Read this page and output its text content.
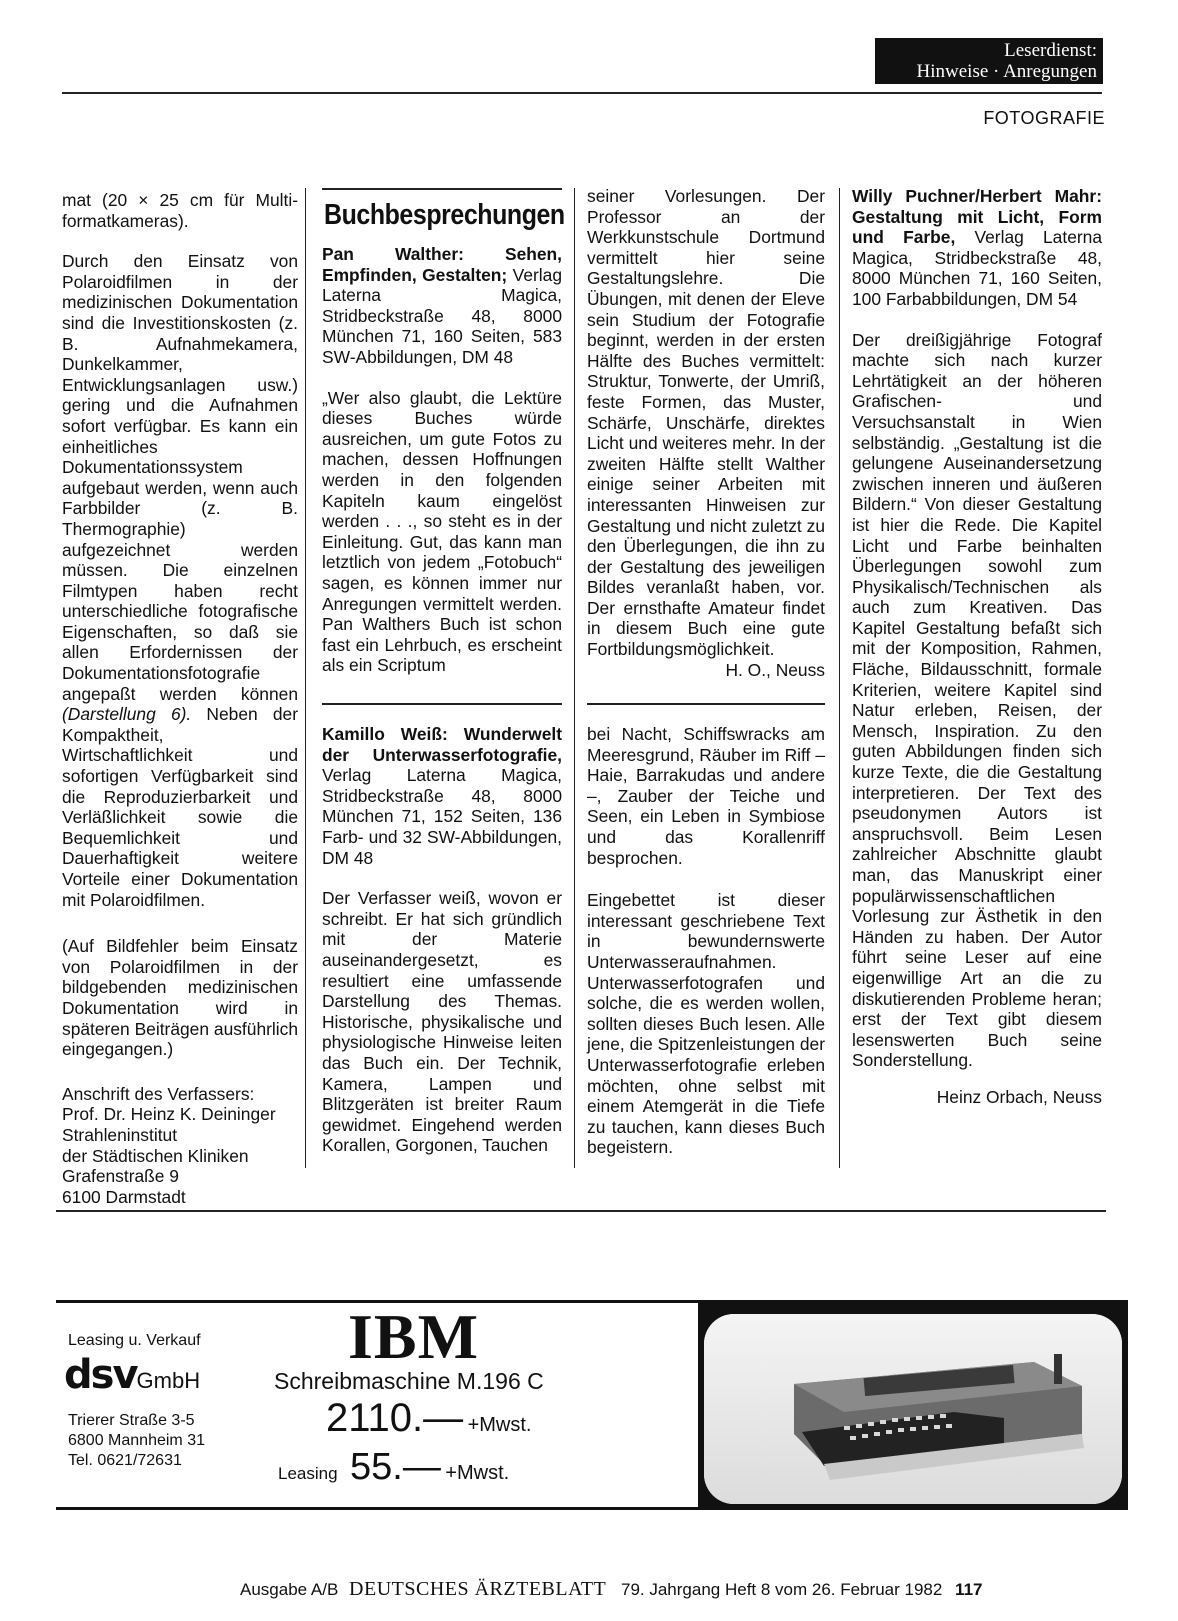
Leserdienst:
Hinweise · Anregungen
FOTOGRAFIE

mat (20 × 25 cm für Multi-formatkameras).

Durch den Einsatz von Polaroidfilmen in der medizinischen Dokumentation sind die Investitionskosten (z. B. Aufnahmekamera, Dunkelkammer, Entwicklungsanlagen usw.) gering und die Aufnahmen sofort verfügbar. Es kann ein einheitliches Dokumentationssystem aufgebaut werden, wenn auch Farbbilder (z. B. Thermographie) aufgezeichnet werden müssen. Die einzelnen Filmtypen haben recht unterschiedliche fotografische Eigenschaften, so daß sie allen Erfordernissen der Dokumentationsfotografie angepaßt werden können (Darstellung 6). Neben der Kompaktheit, Wirtschaftlichkeit und sofortigen Verfügbarkeit sind die Reproduzierbarkeit und Verläßlichkeit sowie die Bequemlichkeit und Dauerhaftigkeit weitere Vorteile einer Dokumentation mit Polaroidfilmen.

(Auf Bildfehler beim Einsatz von Polaroidfilmen in der bildgebenden medizinischen Dokumentation wird in späteren Beiträgen ausführlich eingegangen.)

Anschrift des Verfassers:
Prof. Dr. Heinz K. Deininger
Strahleninstitut
der Städtischen Kliniken
Grafenstraße 9
6100 Darmstadt
Buchbesprechungen

Pan Walther: Sehen, Empfinden, Gestalten; Verlag Laterna Magica, Stridbeckstraße 48, 8000 München 71, 160 Seiten, 583 SW-Abbildungen, DM 48

„Wer also glaubt, die Lektüre dieses Buches würde ausreichen, um gute Fotos zu machen, dessen Hoffnungen werden in den folgenden Kapiteln kaum eingelöst werden . . ., so steht es in der Einleitung. Gut, das kann man letztlich von jedem „Fotobuch“ sagen, es können immer nur Anregungen vermittelt werden. Pan Walthers Buch ist schon fast ein Lehrbuch, es erscheint als ein Scriptum

Kamillo Weiß: Wunderwelt der Unterwasserfotografie, Verlag Laterna Magica, Stridbeckstraße 48, 8000 München 71, 152 Seiten, 136 Farb- und 32 SW-Abbildungen, DM 48

Der Verfasser weiß, wovon er schreibt. Er hat sich gründlich mit der Materie auseinandergesetzt, es resultiert eine umfassende Darstellung des Themas. Historische, physikalische und physiologische Hinweise leiten das Buch ein. Der Technik, Kamera, Lampen und Blitzgeräten ist breiter Raum gewidmet. Eingehend werden Korallen, Gorgonen, Tauchen

seiner Vorlesungen. Der Professor an der Werkkunstschule Dortmund vermittelt hier seine Gestaltungslehre. Die Übungen, mit denen der Eleve sein Studium der Fotografie beginnt, werden in der ersten Hälfte des Buches vermittelt: Struktur, Tonwerte, der Umriß, feste Formen, das Muster, Schärfe, Unschärfe, direktes Licht und weiteres mehr. In der zweiten Hälfte stellt Walther einige seiner Arbeiten mit interessanten Hinweisen zur Gestaltung und nicht zuletzt zu den Überlegungen, die ihn zu der Gestaltung des jeweiligen Bildes veranlaßt haben, vor. Der ernsthafte Amateur findet in diesem Buch eine gute Fortbildungsmöglichkeit.

H. O., Neuss

bei Nacht, Schiffswracks am Meeresgrund, Räuber im Riff – Haie, Barrakudas und andere –, Zauber der Teiche und Seen, ein Leben in Symbiose und das Korallenriff besprochen.

Eingebettet ist dieser interessant geschriebene Text in bewundernswerte Unterwasseraufnahmen. Unterwasserfotografen und solche, die es werden wollen, sollten dieses Buch lesen. Alle jene, die Spitzenleistungen der Unterwasserfotografie erleben möchten, ohne selbst mit einem Atemgerät in die Tiefe zu tauchen, kann dieses Buch begeistern.

Willy Puchner/Herbert Mahr: Gestaltung mit Licht, Form und Farbe, Verlag Laterna Magica, Stridbeckstraße 48, 8000 München 71, 160 Seiten, 100 Farbabbildungen, DM 54

Der dreißigjährige Fotograf machte sich nach kurzer Lehrtätigkeit an der höheren Grafischen- und Versuchsanstalt in Wien selbständig. „Gestaltung ist die gelungene Auseinandersetzung zwischen inneren und äußeren Bildern.“ Von dieser Gestaltung ist hier die Rede. Die Kapitel Licht und Farbe beinhalten Überlegungen sowohl zum Physikalisch/Technischen als auch zum Kreativen. Das Kapitel Gestaltung befaßt sich mit der Komposition, Rahmen, Fläche, Bildausschnitt, formale Kriterien, weitere Kapitel sind Natur erleben, Reisen, der Mensch, Inspiration. Zu den guten Abbildungen finden sich kurze Texte, die die Gestaltung interpretieren. Der Text des pseudonymen Autors ist anspruchsvoll. Beim Lesen zahlreicher Abschnitte glaubt man, das Manuskript einer populärwissenschaftlichen Vorlesung zur Ästhetik in den Händen zu haben. Der Autor führt seine Leser auf eine eigenwillige Art an die zu diskutierenden Probleme heran; erst der Text gibt diesem lesenswerten Buch seine Sonderstellung.

Heinz Orbach, Neuss

Leasing u. Verkauf
dsvGmbH
Trierer Straße 3-5
6800 Mannheim 31
Tel. 0621/72631
IBM
Schreibmaschine M.196 C
2110.— +Mwst.
Leasing 55.— +Mwst.
Ausgabe A/B DEUTSCHES ÄRZTEBLATT 79. Jahrgang Heft 8 vom 26. Februar 1982 117
